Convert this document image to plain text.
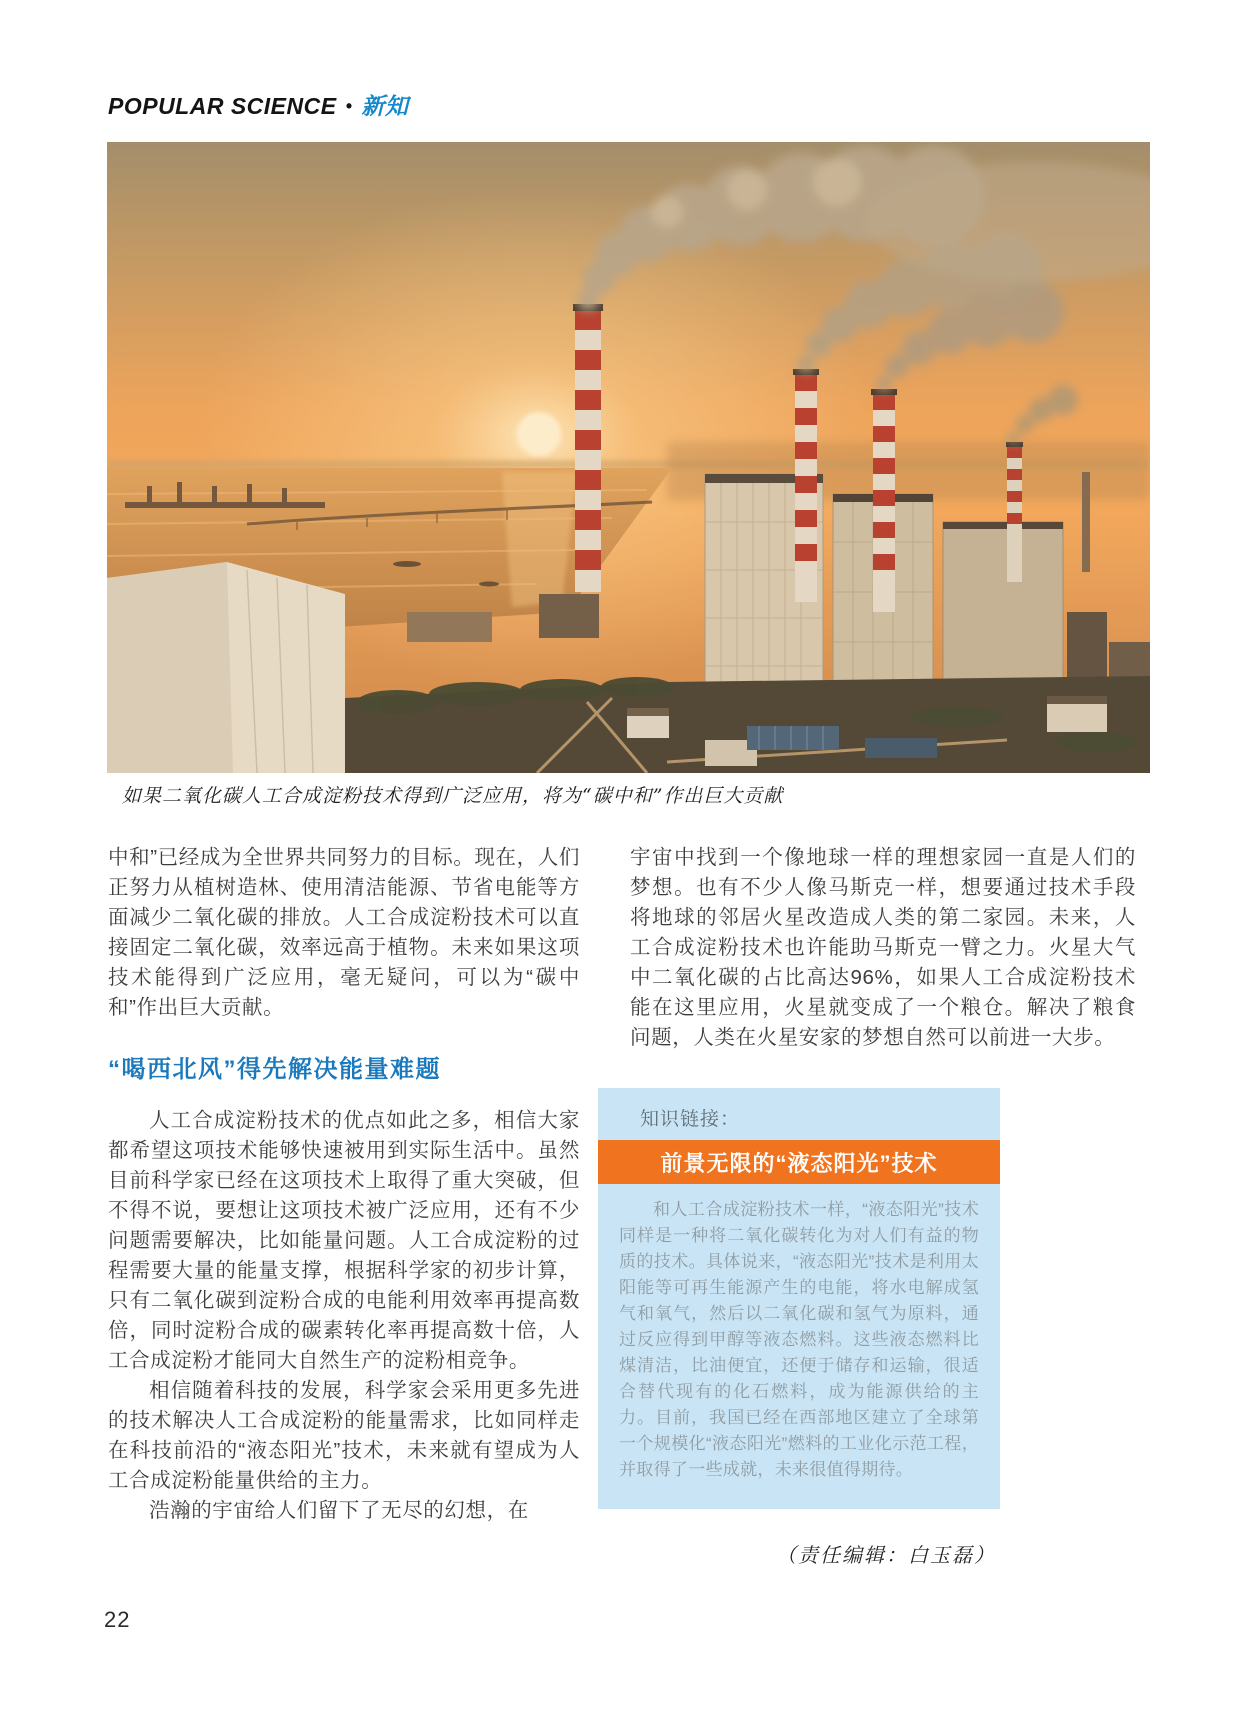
POPULAR SCIENCE • 新知
如果二氧化碳人工合成淀粉技术得到广泛应用，将为“碳中和”作出巨大贡献

中和”已经成为全世界共同努力的目标。现在，人们正努力从植树造林、使用清洁能源、节省电能等方面减少二氧化碳的排放。人工合成淀粉技术可以直接固定二氧化碳，效率远高于植物。未来如果这项技术能得到广泛应用，毫无疑问，可以为“碳中和”作出巨大贡献。

“喝西北风”得先解决能量难题

人工合成淀粉技术的优点如此之多，相信大家都希望这项技术能够快速被用到实际生活中。虽然目前科学家已经在这项技术上取得了重大突破，但不得不说，要想让这项技术被广泛应用，还有不少问题需要解决，比如能量问题。人工合成淀粉的过程需要大量的能量支撑，根据科学家的初步计算，只有二氧化碳到淀粉合成的电能利用效率再提高数倍，同时淀粉合成的碳素转化率再提高数十倍，人工合成淀粉才能同大自然生产的淀粉相竞争。

相信随着科技的发展，科学家会采用更多先进的技术解决人工合成淀粉的能量需求，比如同样走在科技前沿的“液态阳光”技术，未来就有望成为人工合成淀粉能量供给的主力。

浩瀚的宇宙给人们留下了无尽的幻想，在

宇宙中找到一个像地球一样的理想家园一直是人们的梦想。也有不少人像马斯克一样，想要通过技术手段将地球的邻居火星改造成人类的第二家园。未来，人工合成淀粉技术也许能助马斯克一臂之力。火星大气中二氧化碳的占比高达96%，如果人工合成淀粉技术能在这里应用，火星就变成了一个粮仓。解决了粮食问题，人类在火星安家的梦想自然可以前进一大步。

知识链接：
前景无限的“液态阳光”技术
和人工合成淀粉技术一样，“液态阳光”技术同样是一种将二氧化碳转化为对人们有益的物质的技术。具体说来，“液态阳光”技术是利用太阳能等可再生能源产生的电能，将水电解成氢气和氧气，然后以二氧化碳和氢气为原料，通过反应得到甲醇等液态燃料。这些液态燃料比煤清洁，比油便宜，还便于储存和运输，很适合替代现有的化石燃料，成为能源供给的主力。目前，我国已经在西部地区建立了全球第一个规模化“液态阳光”燃料的工业化示范工程，并取得了一些成就，未来很值得期待。
（责任编辑：白玉磊）
22
